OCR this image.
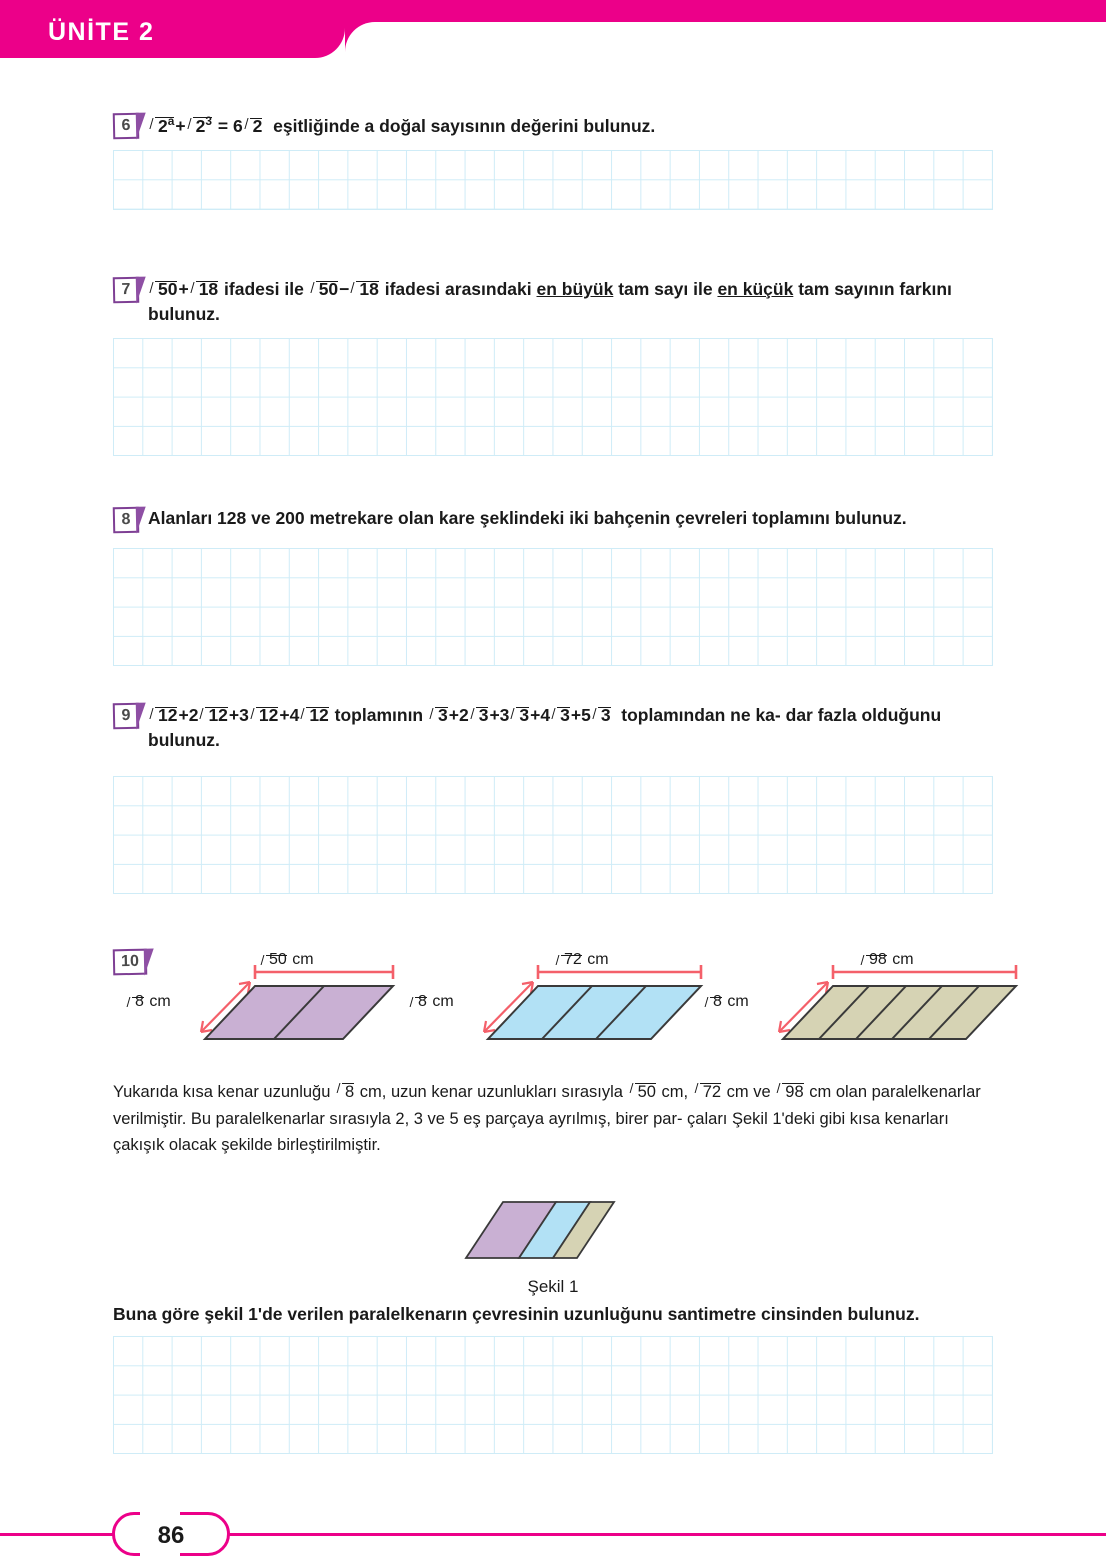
ÜNİTE 2
6	$2^a+ 2^3 = 6$ 2 eşitliğinde a doğal sayısının değerini bulunuz.
7	50+ 18 ifadesi ile 50− 18 ifadesi arasındaki en büyük tam sayı ile en küçük tam sayının farkını bulunuz.
8 Alanları 128 ve 200 metrekare olan kare şeklindeki iki bahçenin çevreleri toplamını bulunuz.
9	12+2 12+3 12+4 12 toplamının 3+2 3+3 3+4 3+5 3 toplamından ne ka- dar fazla olduğunu bulunuz.
10	50 cm
8 cm
72 cm
8 cm
98 cm
8 cm
Yukarıda kısa kenar uzunluğu 8 cm, uzun kenar uzunlukları sırasıyla 50 cm, 72 cm ve 98 cm olan paralelkenarlar verilmiştir. Bu paralelkenarlar sırasıyla 2, 3 ve 5 eş parçaya ayrılmış, birer par- çaları Şekil 1'deki gibi kısa kenarları çakışık olacak şekilde birleştirilmiştir.
Şekil 1
Buna göre şekil 1'de verilen paralelkenarın çevresinin uzunluğunu santimetre cinsinden bulunuz.
86
